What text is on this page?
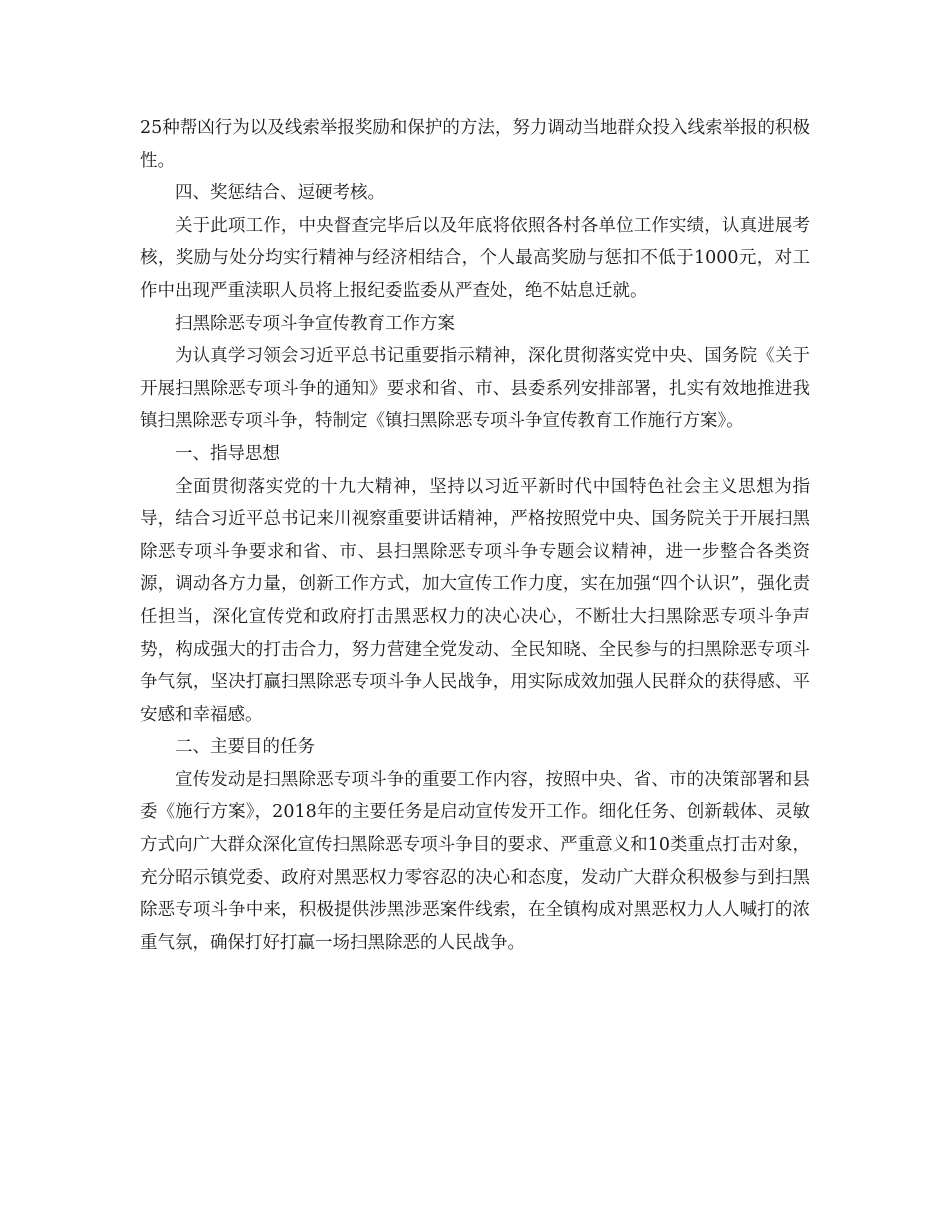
25种帮凶行为以及线索举报奖励和保护的方法，努力调动当地群众投入线索举报的积极性。

四、奖惩结合、逗硬考核。

关于此项工作，中央督查完毕后以及年底将依照各村各单位工作实绩，认真进展考核，奖励与处分均实行精神与经济相结合，个人最高奖励与惩扣不低于1000元，对工作中出现严重渎职人员将上报纪委监委从严查处，绝不姑息迁就。

扫黑除恶专项斗争宣传教育工作方案

为认真学习领会习近平总书记重要指示精神，深化贯彻落实党中央、国务院《关于开展扫黑除恶专项斗争的通知》要求和省、市、县委系列安排部署，扎实有效地推进我镇扫黑除恶专项斗争，特制定《镇扫黑除恶专项斗争宣传教育工作施行方案》。

一、指导思想

全面贯彻落实党的十九大精神，坚持以习近平新时代中国特色社会主义思想为指导，结合习近平总书记来川视察重要讲话精神，严格按照党中央、国务院关于开展扫黑除恶专项斗争要求和省、市、县扫黑除恶专项斗争专题会议精神，进一步整合各类资源，调动各方力量，创新工作方式，加大宣传工作力度，实在加强“四个认识”，强化责任担当，深化宣传党和政府打击黑恶权力的决心决心，不断壮大扫黑除恶专项斗争声势，构成强大的打击合力，努力营建全党发动、全民知晓、全民参与的扫黑除恶专项斗争气氛，坚决打赢扫黑除恶专项斗争人民战争，用实际成效加强人民群众的获得感、平安感和幸福感。

二、主要目的任务

宣传发动是扫黑除恶专项斗争的重要工作内容，按照中央、省、市的决策部署和县委《施行方案》，2018年的主要任务是启动宣传发开工作。细化任务、创新载体、灵敏方式向广大群众深化宣传扫黑除恶专项斗争目的要求、严重意义和10类重点打击对象，充分昭示镇党委、政府对黑恶权力零容忍的决心和态度，发动广大群众积极参与到扫黑除恶专项斗争中来，积极提供涉黑涉恶案件线索，在全镇构成对黑恶权力人人喊打的浓重气氛，确保打好打赢一场扫黑除恶的人民战争。
